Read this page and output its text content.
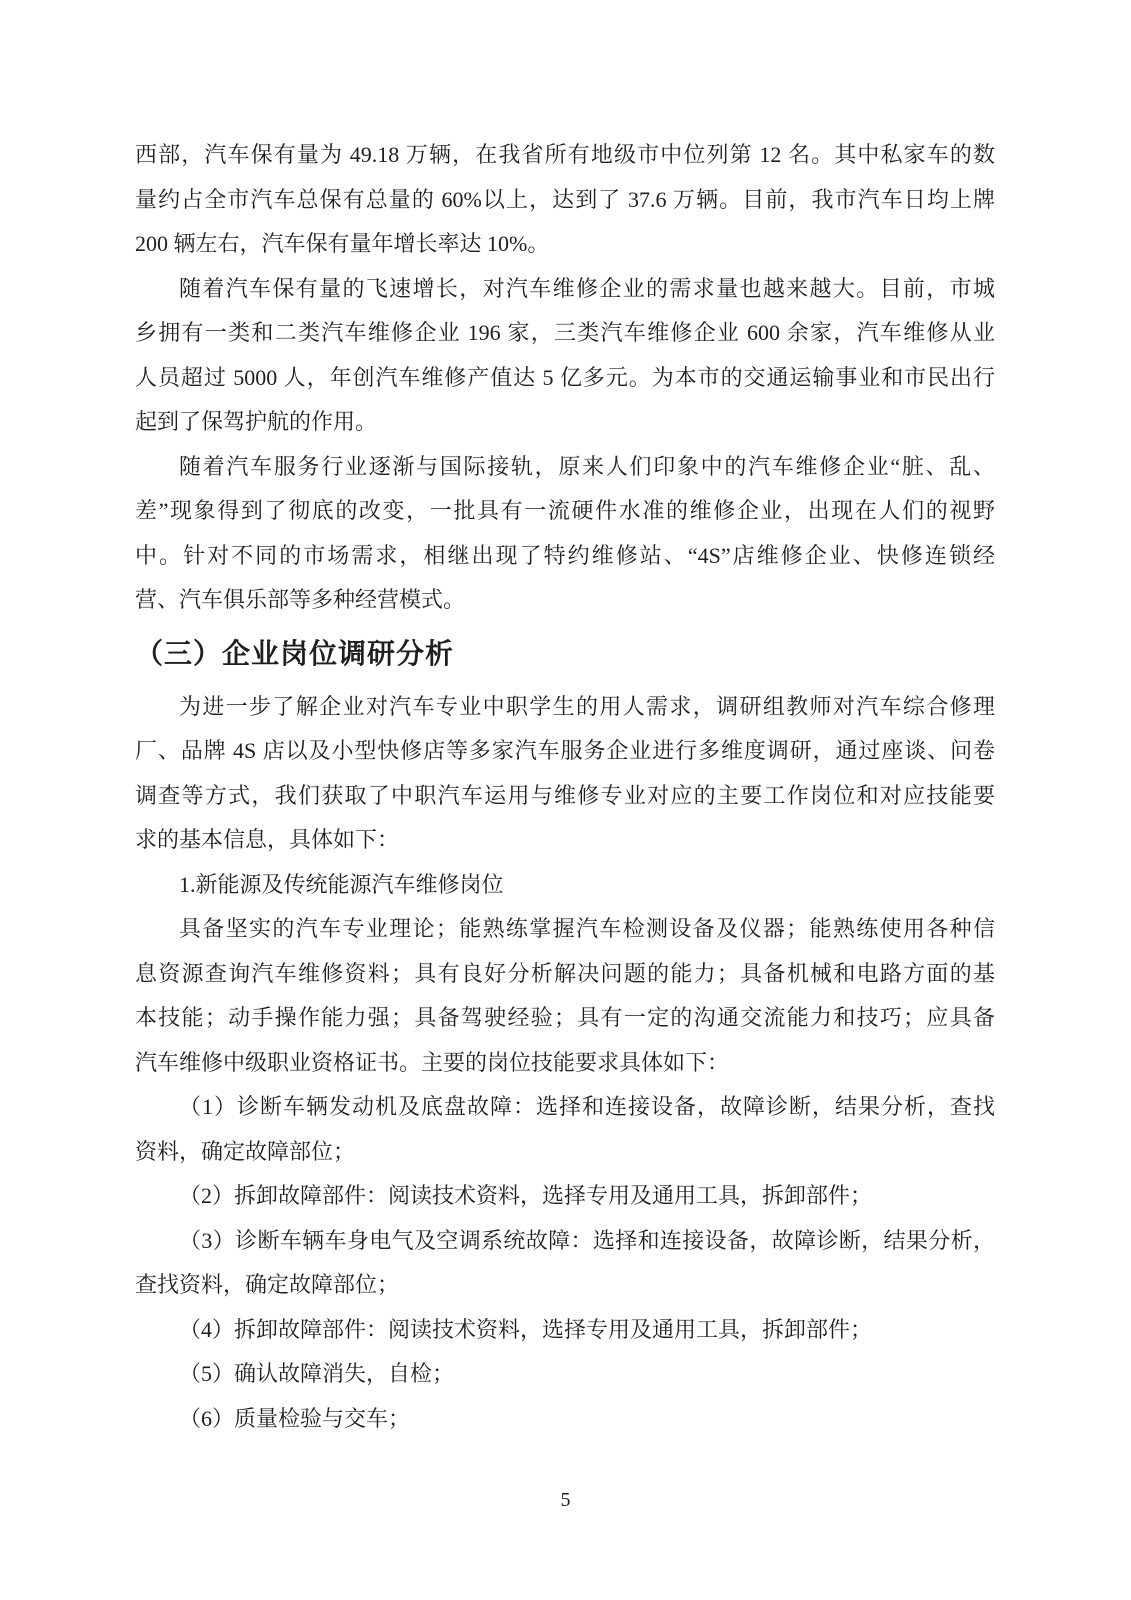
西部，汽车保有量为 49.18 万辆，在我省所有地级市中位列第 12 名。其中私家车的数
量约占全市汽车总保有总量的 60%以上，达到了 37.6 万辆。目前，我市汽车日均上牌
200 辆左右，汽车保有量年增长率达 10%。
随着汽车保有量的飞速增长，对汽车维修企业的需求量也越来越大。目前，市城
乡拥有一类和二类汽车维修企业 196 家，三类汽车维修企业 600 余家，汽车维修从业
人员超过 5000 人，年创汽车维修产值达 5 亿多元。为本市的交通运输事业和市民出行
起到了保驾护航的作用。
随着汽车服务行业逐渐与国际接轨，原来人们印象中的汽车维修企业“脏、乱、
差”现象得到了彻底的改变，一批具有一流硬件水准的维修企业，出现在人们的视野
中。针对不同的市场需求，相继出现了特约维修站、“4S”店维修企业、快修连锁经
营、汽车俱乐部等多种经营模式。
（三）企业岗位调研分析
为进一步了解企业对汽车专业中职学生的用人需求，调研组教师对汽车综合修理
厂、品牌 4S 店以及小型快修店等多家汽车服务企业进行多维度调研，通过座谈、问卷
调查等方式，我们获取了中职汽车运用与维修专业对应的主要工作岗位和对应技能要
求的基本信息，具体如下：
1.新能源及传统能源汽车维修岗位
具备坚实的汽车专业理论；能熟练掌握汽车检测设备及仪器；能熟练使用各种信
息资源查询汽车维修资料；具有良好分析解决问题的能力；具备机械和电路方面的基
本技能；动手操作能力强；具备驾驶经验；具有一定的沟通交流能力和技巧；应具备
汽车维修中级职业资格证书。主要的岗位技能要求具体如下：
（1）诊断车辆发动机及底盘故障：选择和连接设备，故障诊断，结果分析，查找
资料，确定故障部位；
（2）拆卸故障部件：阅读技术资料，选择专用及通用工具，拆卸部件；
（3）诊断车辆车身电气及空调系统故障：选择和连接设备，故障诊断，结果分析，
查找资料，确定故障部位；
（4）拆卸故障部件：阅读技术资料，选择专用及通用工具，拆卸部件；
（5）确认故障消失，自检；
（6）质量检验与交车；
5
